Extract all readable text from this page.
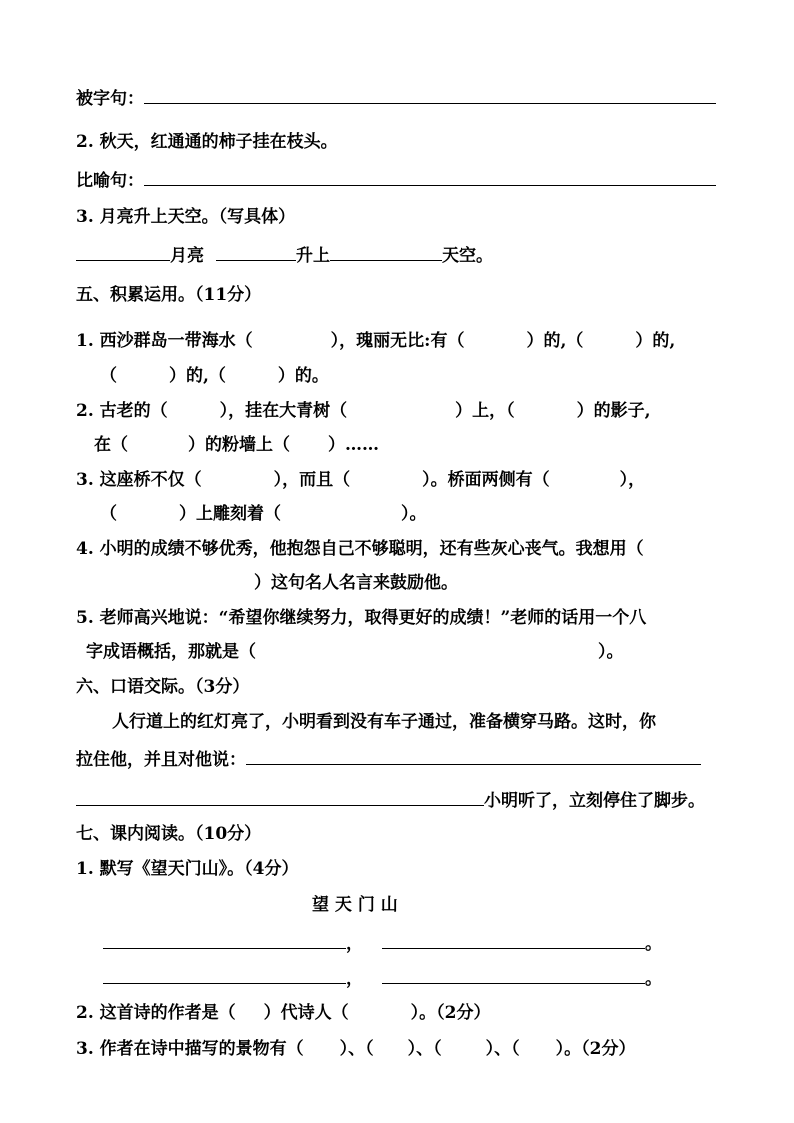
被字句：
2. 秋天，红通通的柿子挂在枝头。
比喻句：
3. 月亮升上天空。（写具体）
月亮	升上	天空。
五、积累运用。（11分）
1. 西沙群岛一带海水（	），瑰丽无比:有（	）的,（	）的,
（	）的,（	）的。
2. 古老的（	），挂在大青树（	）上，（	）的影子,
在（	）的粉墙上（ ）……
3. 这座桥不仅（	），而且（	）。桥面两侧有（	），
（	）上雕刻着（	）。
4. 小明的成绩不够优秀，他抱怨自己不够聪明，还有些灰心丧气。我想用（
）这句名人名言来鼓励他。
5. 老师高兴地说：“希望你继续努力，取得更好的成绩！”老师的话用一个八
字成语概括，那就是（	）。
六、口语交际。（3分）
人行道上的红灯亮了，小明看到没有车子通过，准备横穿马路。这时，你
拉住他，并且对他说：
小明听了，立刻停住了脚步。
七、课内阅读。（10分）
1. 默写《望天门山》。（4分）
望 天 门 山
，	。
，	。
2. 这首诗的作者是（ ）代诗人（	）。（2分）
3. 作者在诗中描写的景物有（ ）、（ ）、（	）、（ ）。（2分）
